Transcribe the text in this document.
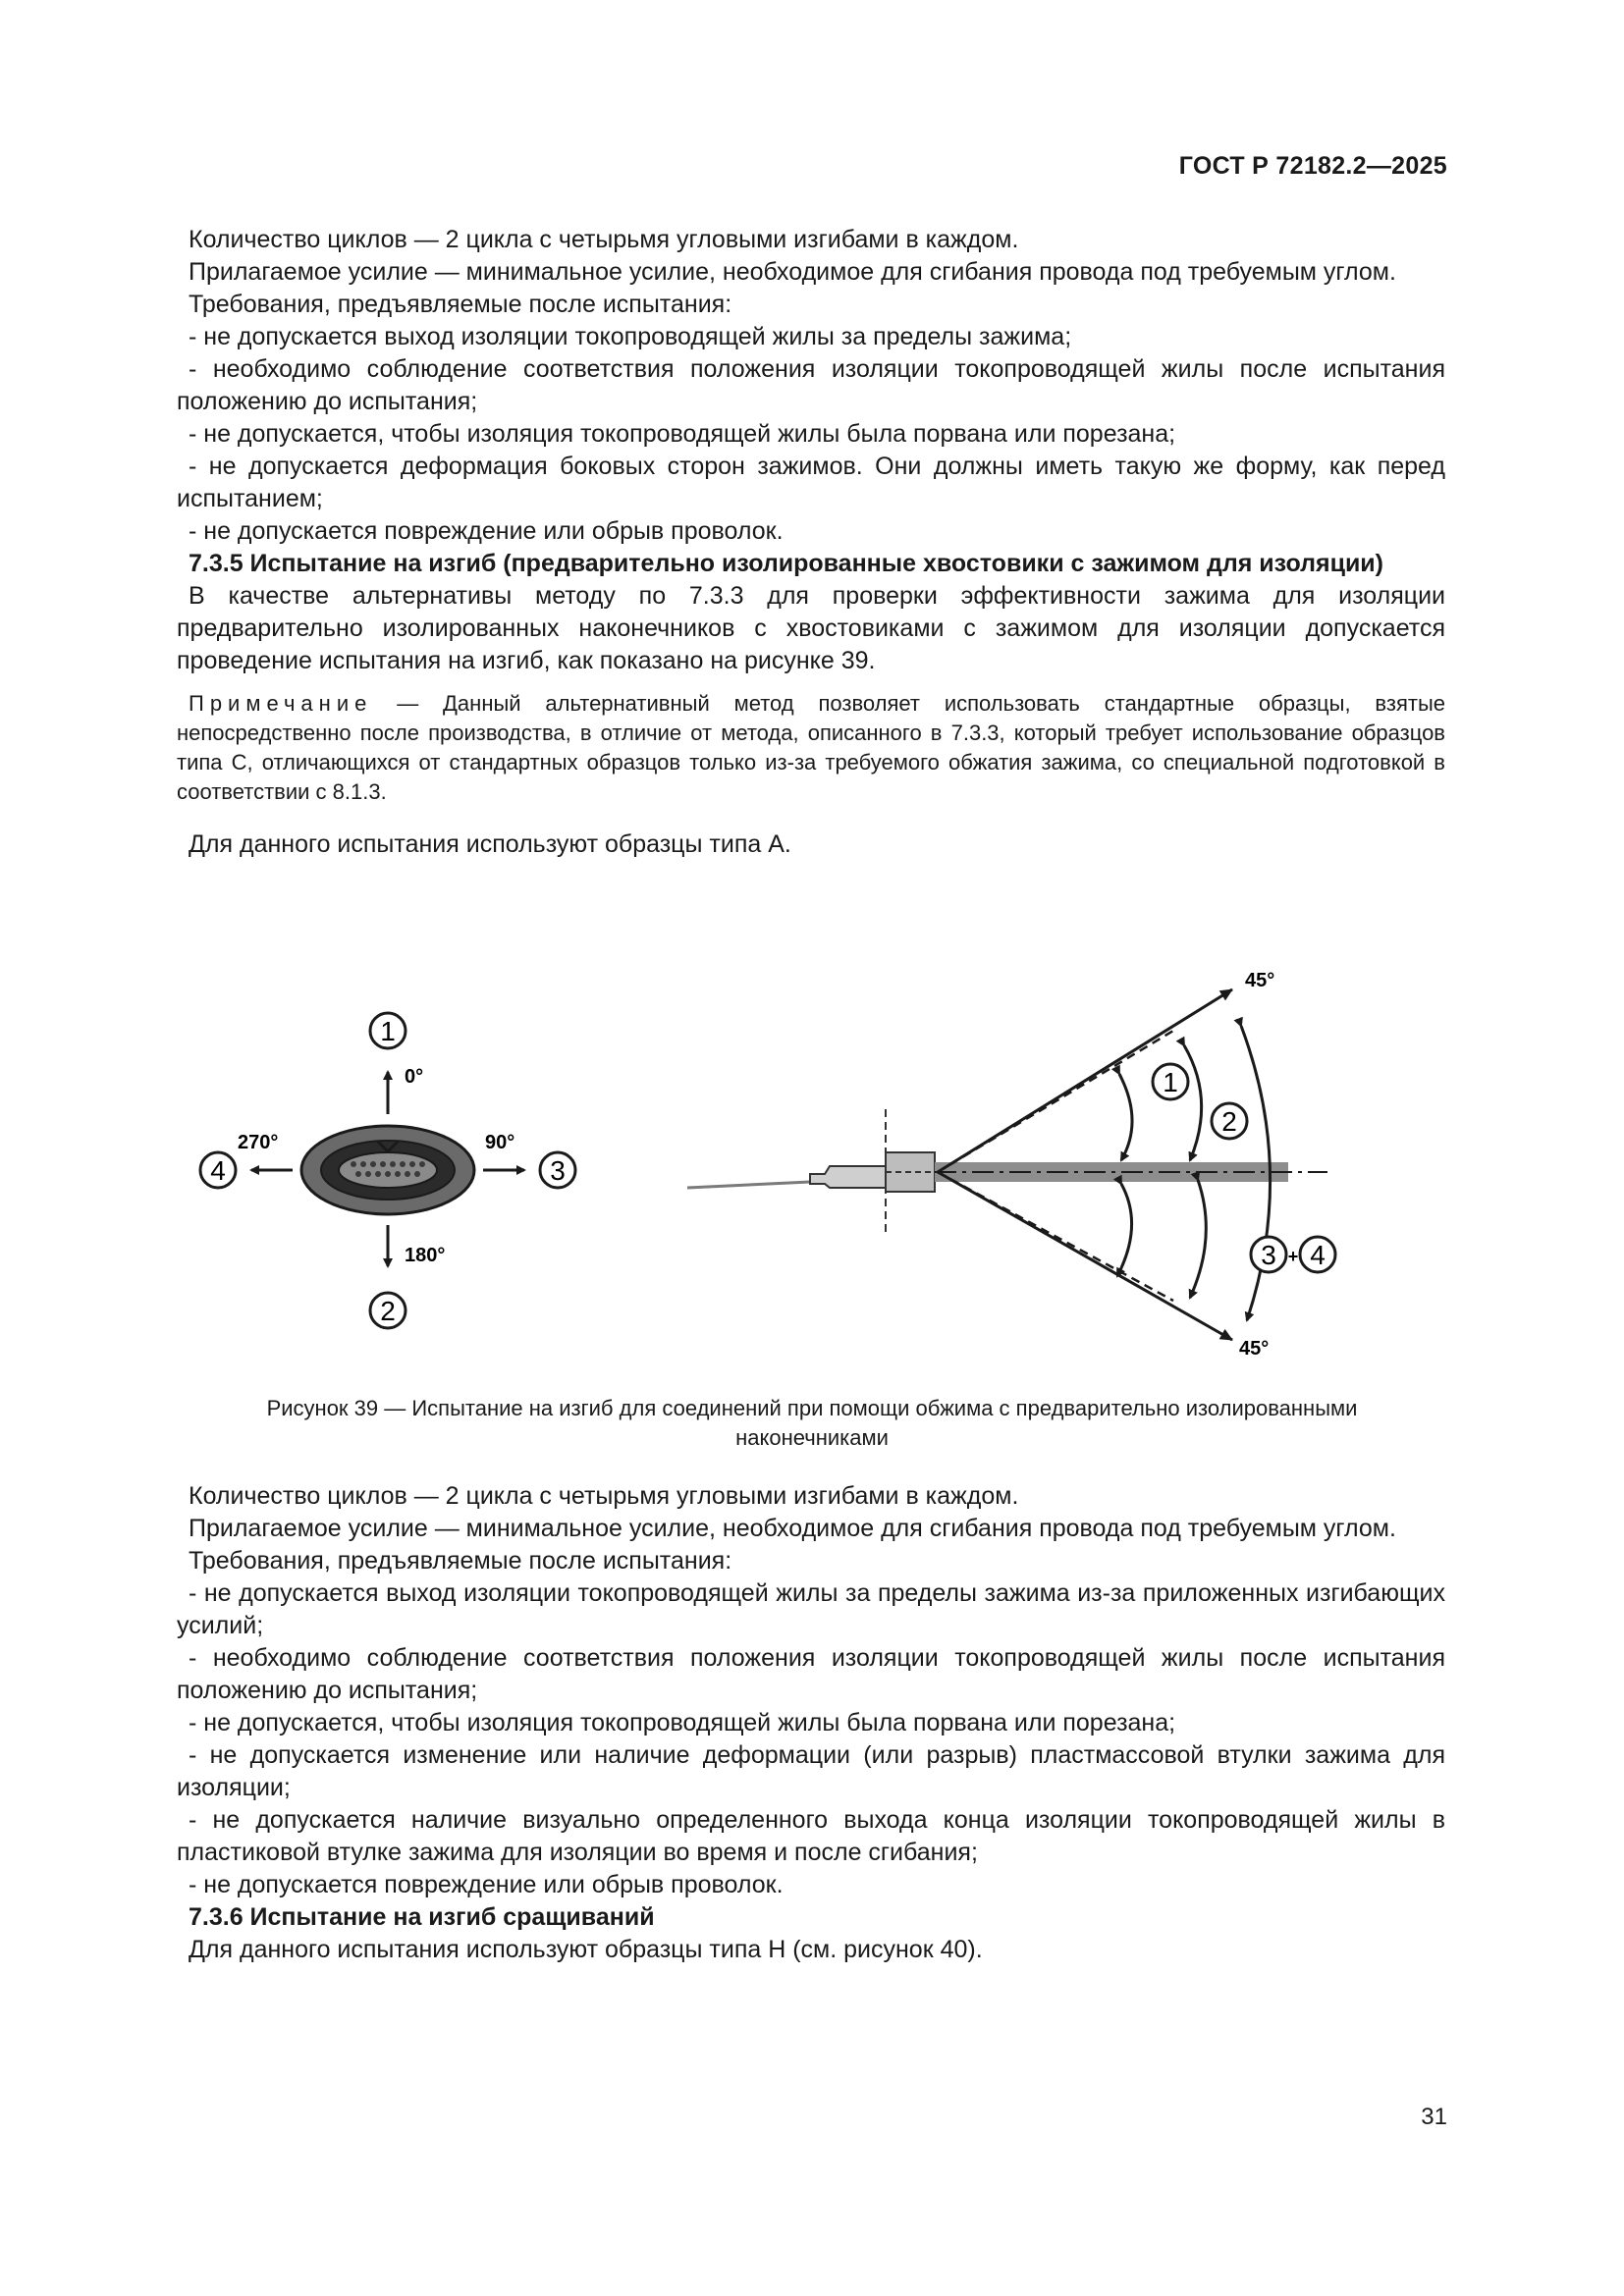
ГОСТ Р 72182.2—2025

Количество циклов — 2 цикла с четырьмя угловыми изгибами в каждом.

Прилагаемое усилие — минимальное усилие, необходимое для сгибания провода под требуемым углом.

Требования, предъявляемые после испытания:

- не допускается выход изоляции токопроводящей жилы за пределы зажима;

- необходимо соблюдение соответствия положения изоляции токопроводящей жилы после испытания положению до испытания;

- не допускается, чтобы изоляция токопроводящей жилы была порвана или порезана;

- не допускается деформация боковых сторон зажимов. Они должны иметь такую же форму, как перед испытанием;

- не допускается повреждение или обрыв проволок.

7.3.5 Испытание на изгиб (предварительно изолированные хвостовики с зажимом для изоляции)

В качестве альтернативы методу по 7.3.3 для проверки эффективности зажима для изоляции предварительно изолированных наконечников с хвостовиками с зажимом для изоляции допускается проведение испытания на изгиб, как показано на рисунке 39.

Примечание — Данный альтернативный метод позволяет использовать стандартные образцы, взятые непосредственно после производства, в отличие от метода, описанного в 7.3.3, который требует использование образцов типа С, отличающихся от стандартных образцов только из-за требуемого обжатия зажима, со специальной подготовкой в соответствии с 8.1.3.

Для данного испытания используют образцы типа А.

1
2
3
4
0°
180°
270°	90°
1
2
3 + 4
45°
45°
Рисунок 39 — Испытание на изгиб для соединений при помощи обжима с предварительно изолированными
наконечниками

Количество циклов — 2 цикла с четырьмя угловыми изгибами в каждом.

Прилагаемое усилие — минимальное усилие, необходимое для сгибания провода под требуемым углом.

Требования, предъявляемые после испытания:

- не допускается выход изоляции токопроводящей жилы за пределы зажима из-за приложенных изгибающих усилий;

- необходимо соблюдение соответствия положения изоляции токопроводящей жилы после испытания положению до испытания;

- не допускается, чтобы изоляция токопроводящей жилы была порвана или порезана;

- не допускается изменение или наличие деформации (или разрыв) пластмассовой втулки зажима для изоляции;

- не допускается наличие визуально определенного выхода конца изоляции токопроводящей жилы в пластиковой втулке зажима для изоляции во время и после сгибания;

- не допускается повреждение или обрыв проволок.

7.3.6 Испытание на изгиб сращиваний

Для данного испытания используют образцы типа Н (см. рисунок 40).

31
